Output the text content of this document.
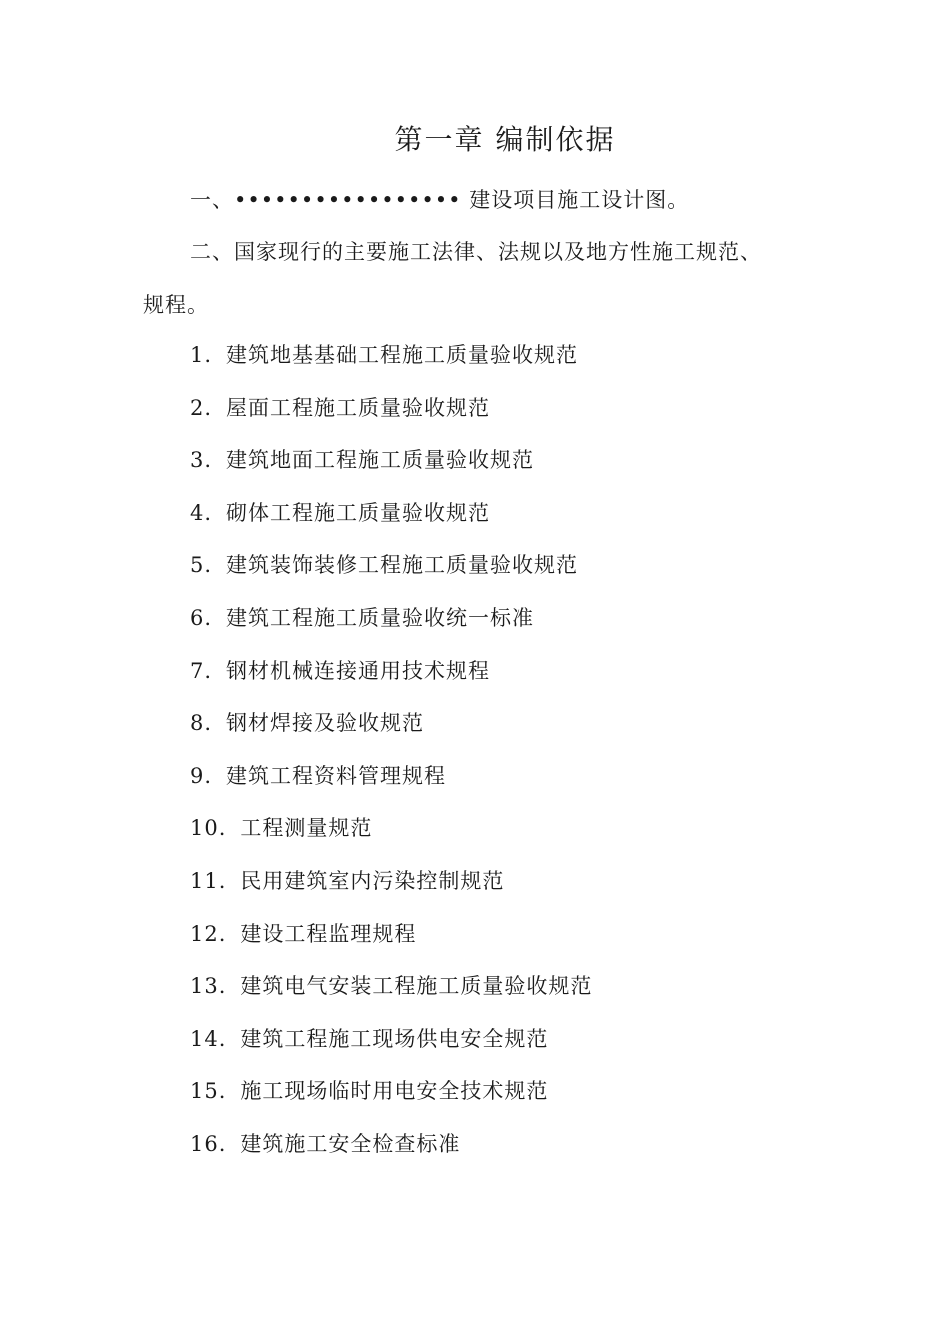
第一章 编制依据

一、••••••••••••••••• 建设项目施工设计图。

二、国家现行的主要施工法律、法规以及地方性施工规范、

规程。

1. 建筑地基基础工程施工质量验收规范
2. 屋面工程施工质量验收规范
3. 建筑地面工程施工质量验收规范
4. 砌体工程施工质量验收规范
5. 建筑装饰装修工程施工质量验收规范
6. 建筑工程施工质量验收统一标准
7. 钢材机械连接通用技术规程
8. 钢材焊接及验收规范
9. 建筑工程资料管理规程
10. 工程测量规范
11. 民用建筑室内污染控制规范
12. 建设工程监理规程
13. 建筑电气安装工程施工质量验收规范
14. 建筑工程施工现场供电安全规范
15. 施工现场临时用电安全技术规范
16. 建筑施工安全检查标准
